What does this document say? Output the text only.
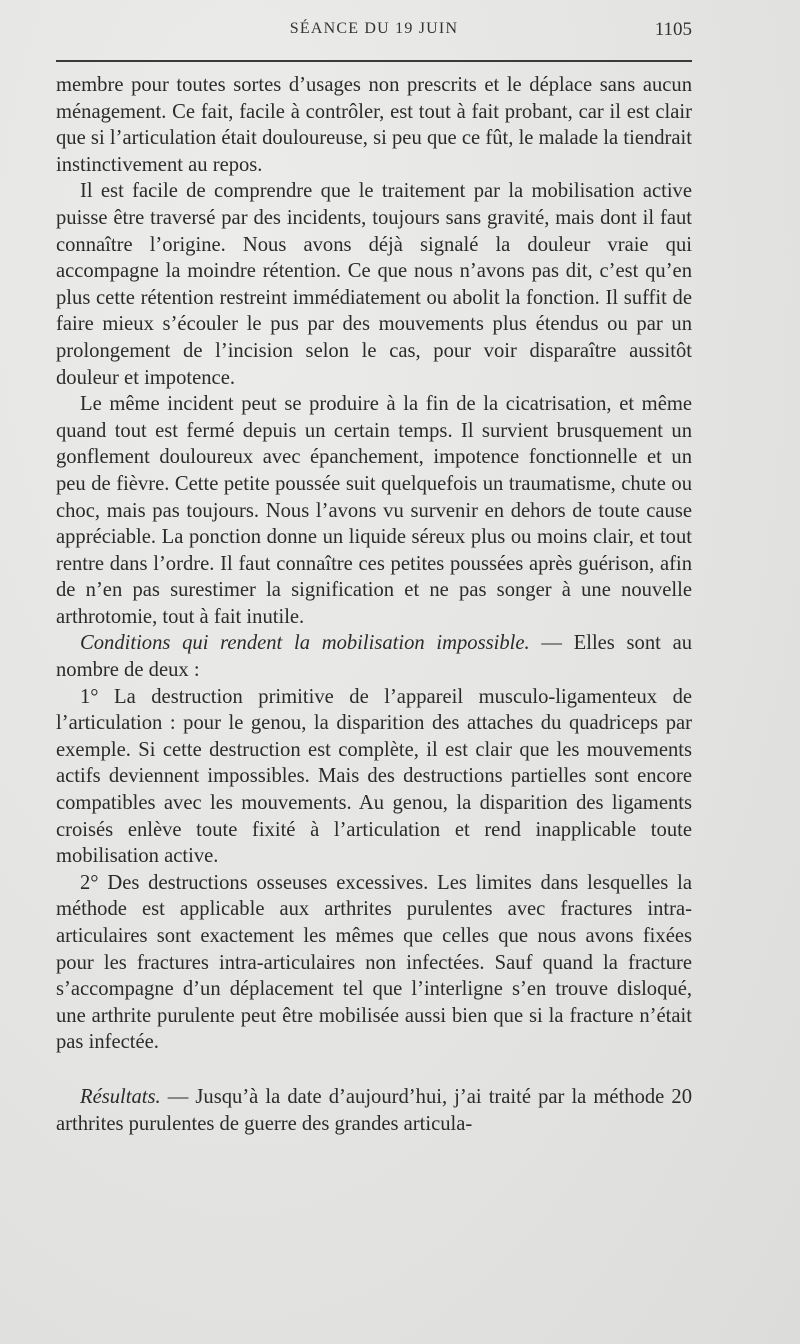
SÉANCE DU 19 JUIN	1105

membre pour toutes sortes d’usages non prescrits et le déplace sans aucun ménagement. Ce fait, facile à contrôler, est tout à fait probant, car il est clair que si l’articulation était douloureuse, si peu que ce fût, le malade la tiendrait instinctivement au repos.

Il est facile de comprendre que le traitement par la mobilisation active puisse être traversé par des incidents, toujours sans gravité, mais dont il faut connaître l’origine. Nous avons déjà signalé la douleur vraie qui accompagne la moindre rétention. Ce que nous n’avons pas dit, c’est qu’en plus cette rétention restreint immédiatement ou abolit la fonction. Il suffit de faire mieux s’écouler le pus par des mouvements plus étendus ou par un prolongement de l’incision selon le cas, pour voir disparaître aussitôt douleur et impotence.

Le même incident peut se produire à la fin de la cicatrisation, et même quand tout est fermé depuis un certain temps. Il survient brusquement un gonflement douloureux avec épanchement, impotence fonctionnelle et un peu de fièvre. Cette petite poussée suit quelquefois un traumatisme, chute ou choc, mais pas toujours. Nous l’avons vu survenir en dehors de toute cause appréciable. La ponction donne un liquide séreux plus ou moins clair, et tout rentre dans l’ordre. Il faut connaître ces petites poussées après guérison, afin de n’en pas surestimer la signification et ne pas songer à une nouvelle arthrotomie, tout à fait inutile.

Conditions qui rendent la mobilisation impossible. — Elles sont au nombre de deux :

1° La destruction primitive de l’appareil musculo-ligamenteux de l’articulation : pour le genou, la disparition des attaches du quadriceps par exemple. Si cette destruction est complète, il est clair que les mouvements actifs deviennent impossibles. Mais des destructions partielles sont encore compatibles avec les mouvements. Au genou, la disparition des ligaments croisés enlève toute fixité à l’articulation et rend inapplicable toute mobilisation active.

2° Des destructions osseuses excessives. Les limites dans lesquelles la méthode est applicable aux arthrites purulentes avec fractures intra-articulaires sont exactement les mêmes que celles que nous avons fixées pour les fractures intra-articulaires non infectées. Sauf quand la fracture s’accompagne d’un déplacement tel que l’interligne s’en trouve disloqué, une arthrite purulente peut être mobilisée aussi bien que si la fracture n’était pas infectée.

Résultats. — Jusqu’à la date d’aujourd’hui, j’ai traité par la méthode 20 arthrites purulentes de guerre des grandes articula-
